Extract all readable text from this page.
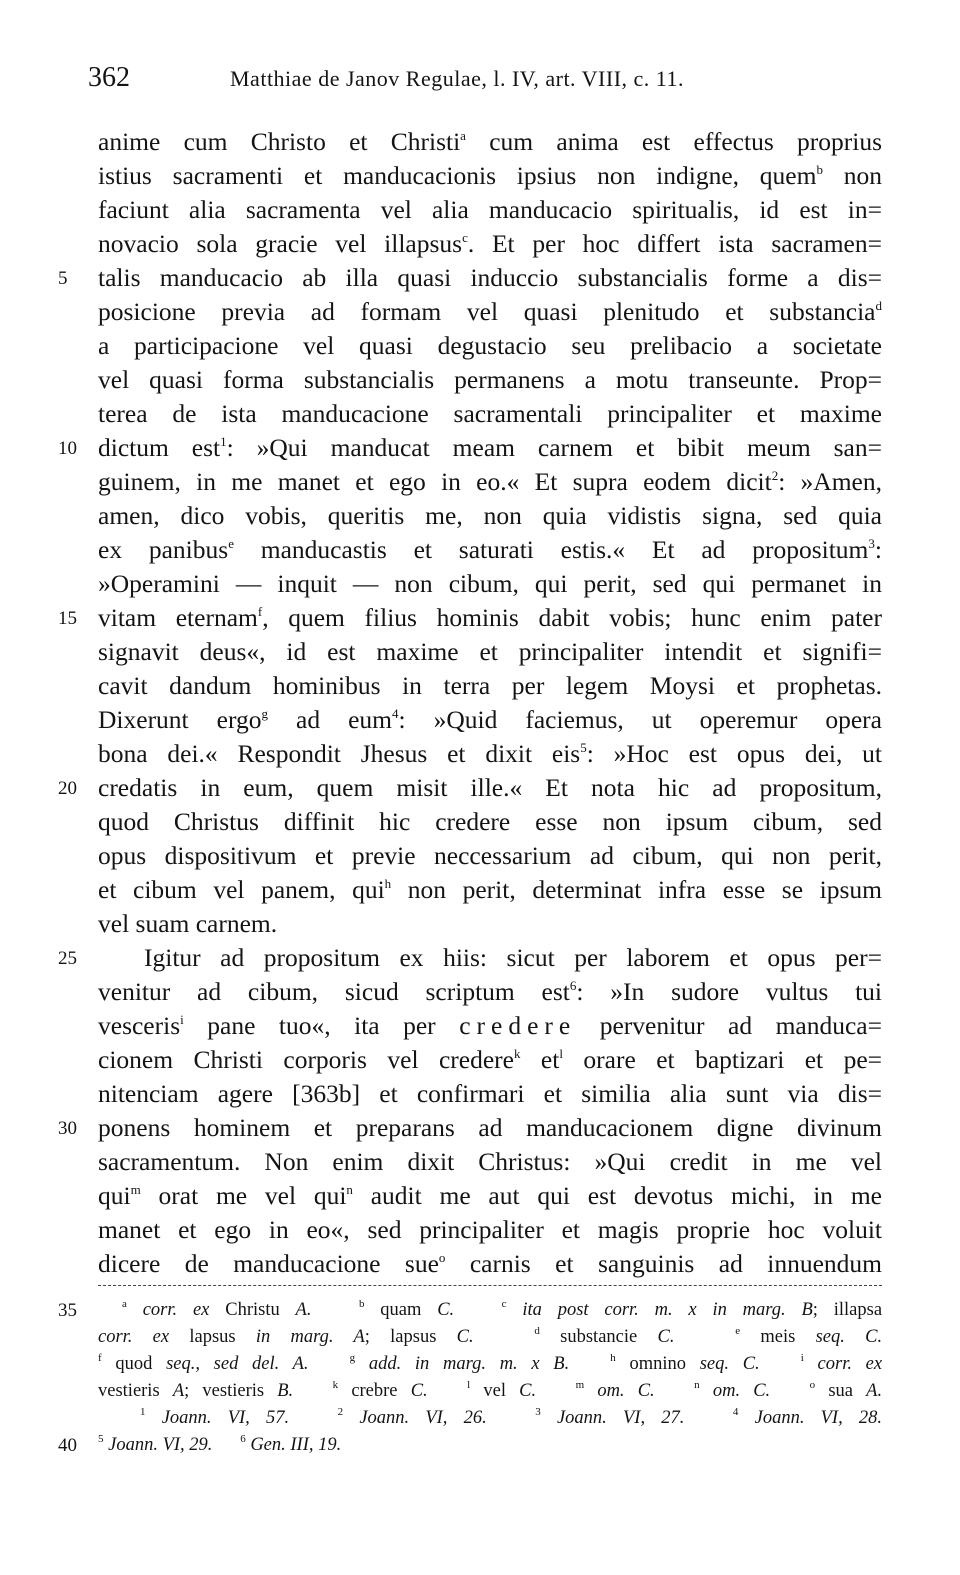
362	Matthiae de Janov Regulae, l. IV, art. VIII, c. 11.
anime cum Christo et Christi$^a$ cum anima est effectus proprius
istius sacramenti et manducacionis ipsius non indigne, quem$^b$ non
faciunt alia sacramenta vel alia manducacio spiritualis, id est in=
novacio sola gracie vel illapsus$^c$. Et per hoc differt ista sacramen=
5	talis manducacio ab illa quasi induccio substancialis forme a dis=
posicione previa ad formam vel quasi plenitudo et substancia$^d$
a participacione vel quasi degustacio seu prelibacio a societate
vel quasi forma substancialis permanens a motu transeunte. Prop=
terea de ista manducacione sacramentali principaliter et maxime
10 dictum est$^1$: »Qui manducat meam carnem et bibit meum san=
guinem, in me manet et ego in eo.« Et supra eodem dicit$^2$: »Amen,
amen, dico vobis, queritis me, non quia vidistis signa, sed quia
ex panibus$^e$ manducastis et saturati estis.« Et ad propositum$^3$:
»Operamini — inquit — non cibum, qui perit, sed qui permanet in
15 vitam eternam$^f$, quem filius hominis dabit vobis; hunc enim pater
signavit deus«, id est maxime et principaliter intendit et signifi=
cavit dandum hominibus in terra per legem Moysi et prophetas.
Dixerunt ergo$^g$ ad eum$^4$: »Quid faciemus, ut operemur opera
bona dei.« Respondit Jhesus et dixit eis$^5$: »Hoc est opus dei, ut
20 credatis in eum, quem misit ille.« Et nota hic ad propositum,
quod Christus diffinit hic credere esse non ipsum cibum, sed
opus dispositivum et previe neccessarium ad cibum, qui non perit,
et cibum vel panem, qui$^h$ non perit, determinat infra esse se ipsum
vel suam carnem.
25	Igitur ad propositum ex hiis: sicut per laborem et opus per=
venitur ad cibum, sicud scriptum est$^6$: »In sudore vultus tui
vesceris$^i$ pane tuo«, ita per credere pervenitur ad manduca=
cionem Christi corporis vel credere$^k$ $et^l$ orare et baptizari et pe=
nitenciam agere [363b] et confirmari et similia alia sunt via dis=
30 ponens hominem et preparans ad manducacionem digne divinum
sacramentum. Non enim dixit Christus: »Qui credit in me vel
qui$^m$ orat me vel qui$^n$ audit me aut qui est devotus michi, in me
manet et ego in eo«, sed principaliter et magis proprie hoc voluit
dicere de manducacione sue$^o$ carnis et sanguinis ad innuendum
35	$^a$ corr. ex Christu A.	$^b$ quam C.	$^c$ ita post corr. m. x in marg. B; illapsa
corr. ex lapsus in marg. A; lapsus C.	$^d$ substancie C.	$^e$ meis seq. C.
$^f$ quod seq., sed del. A.	$^g$ add. in marg. m. x B.	$^h$ omnino seq. C.	$^i$ corr. ex
vestieris A; vestieris B.	$^k$ crebre C.	$^l$ vel C.	$^m$ om. C.	$^n$ om. C.	$^o$ sua A.
$^1$ Joann. VI, 57.	$^2$ Joann. VI, 26.	$^3$ Joann. VI, 27.	$^4$ Joann. VI, 28.
40	$^5$ Joann. VI, 29.	$^6$ Gen. III, 19.
